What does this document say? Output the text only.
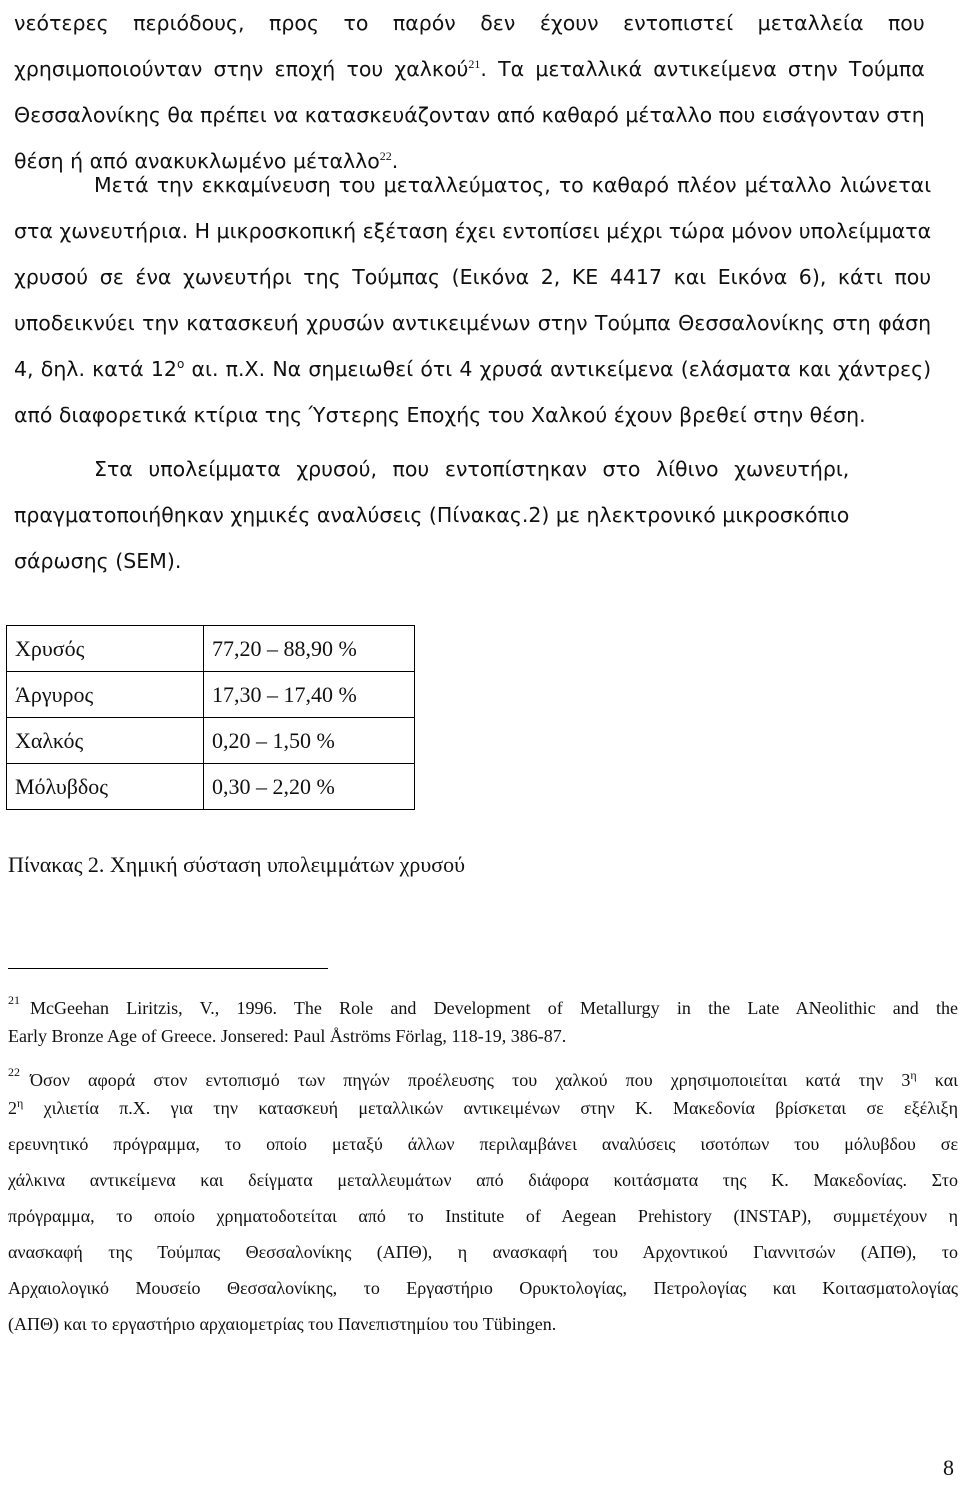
νεότερες περιόδους, προς το παρόν δεν έχουν εντοπιστεί μεταλλεία που
χρησιμοποιούνταν στην εποχή του χαλκού$^{21}$. Τα μεταλλικά αντικείμενα στην Τούμπα
Θεσσαλονίκης θα πρέπει να κατασκευάζονταν από καθαρό μέταλλο που εισάγονταν στη
θέση ή από ανακυκλωμένο μέταλλο$^{22}$.
Μετά την εκκαμίνευση του μεταλλεύματος, το καθαρό πλέον μέταλλο λιώνεται
στα χωνευτήρια. Η μικροσκοπική εξέταση έχει εντοπίσει μέχρι τώρα μόνον υπολείμματα
χρυσού σε ένα χωνευτήρι της Τούμπας (Εικόνα 2, ΚΕ 4417 και Εικόνα 6), κάτι που
υποδεικνύει την κατασκευή χρυσών αντικειμένων στην Τούμπα Θεσσαλονίκης στη φάση
4, δηλ. κατά $12^o$ αι. π.Χ. Να σημειωθεί ότι 4 χρυσά αντικείμενα (ελάσματα και χάντρες)
από διαφορετικά κτίρια της Ύστερης Εποχής του Χαλκού έχουν βρεθεί στην θέση.
Στα υπολείμματα χρυσού, που εντοπίστηκαν στο λίθινο χωνευτήρι,
πραγματοποιήθηκαν χημικές αναλύσεις (Πίνακας.2) με ηλεκτρονικό μικροσκόπιο
σάρωσης (SEM).
Χρυσός	77,20 – 88,90 %
Άργυρος	17,30 – 17,40 %
Χαλκός	0,20 – 1,50 %
Μόλυβδος	0,30 – 2,20 %

Πίνακας 2. Χημική σύσταση υπολειμμάτων χρυσού

$^{21}$ McGeehan Liritzis, V., 1996. The Role and Development of Metallurgy in the Late ANeolithic and the
Early Bronze Age of Greece. Jonsered: Paul Åströms Förlag, 118-19, 386-87.
$^{22}$ Όσον αφορά στον εντοπισμό των πηγών προέλευσης του χαλκού που χρησιμοποιείται κατά την $3^\eta$ και
$2^\eta$ χιλιετία π.Χ. για την κατασκευή μεταλλικών αντικειμένων στην Κ. Μακεδονία βρίσκεται σε εξέλιξη
ερευνητικό πρόγραμμα, το οποίο μεταξύ άλλων περιλαμβάνει αναλύσεις ισοτόπων του μόλυβδου σε
χάλκινα αντικείμενα και δείγματα μεταλλευμάτων από διάφορα κοιτάσματα της Κ. Μακεδονίας. Στο
πρόγραμμα, το οποίο χρηματοδοτείται από το Institute of Aegean Prehistory (INSTAP), συμμετέχουν η
ανασκαφή της Τούμπας Θεσσαλονίκης (ΑΠΘ), η ανασκαφή του Αρχοντικού Γιαννιτσών (ΑΠΘ), το
Αρχαιολογικό Μουσείο Θεσσαλονίκης, το Εργαστήριο Ορυκτολογίας, Πετρολογίας και Κοιτασματολογίας
(ΑΠΘ) και το εργαστήριο αρχαιομετρίας του Πανεπιστημίου του Tübingen.
8
